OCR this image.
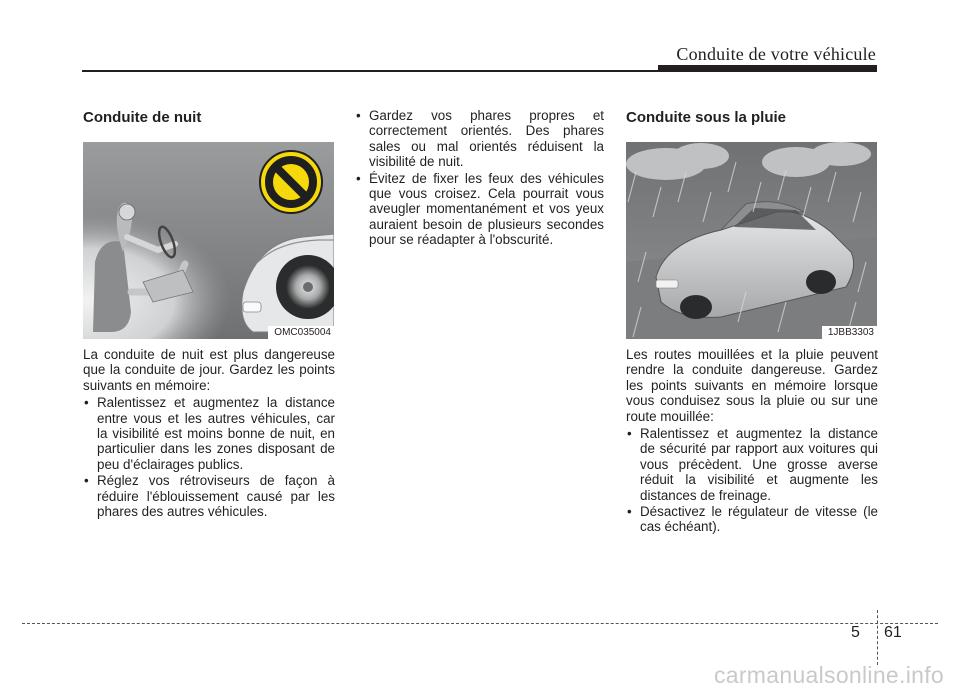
Conduite de votre véhicule
Conduite de nuit
OMC035004

La conduite de nuit est plus dangereuse que la conduite de jour. Gardez les points suivants en mémoire:

• Ralentissez et augmentez la distance entre vous et les autres véhicules, car la visibilité est moins bonne de nuit, en particulier dans les zones disposant de peu d'éclairages publics.
• Réglez vos rétroviseurs de façon à réduire l'éblouissement causé par les phares des autres véhicules.
• Gardez vos phares propres et correctement orientés. Des phares sales ou mal orientés réduisent la visibilité de nuit.
• Évitez de fixer les feux des véhicules que vous croisez. Cela pourrait vous aveugler momentanément et vos yeux auraient besoin de plusieurs secondes pour se réadapter à l'obscurité.
Conduite sous la pluie
1JBB3303

Les routes mouillées et la pluie peuvent rendre la conduite dangereuse. Gardez les points suivants en mémoire lorsque vous conduisez sous la pluie ou sur une route mouillée:

• Ralentissez et augmentez la distance de sécurité par rapport aux voitures qui vous précèdent. Une grosse averse réduit la visibilité et augmente les distances de freinage.
• Désactivez le régulateur de vitesse (le cas échéant).
5 61
carmanualsonline.info
